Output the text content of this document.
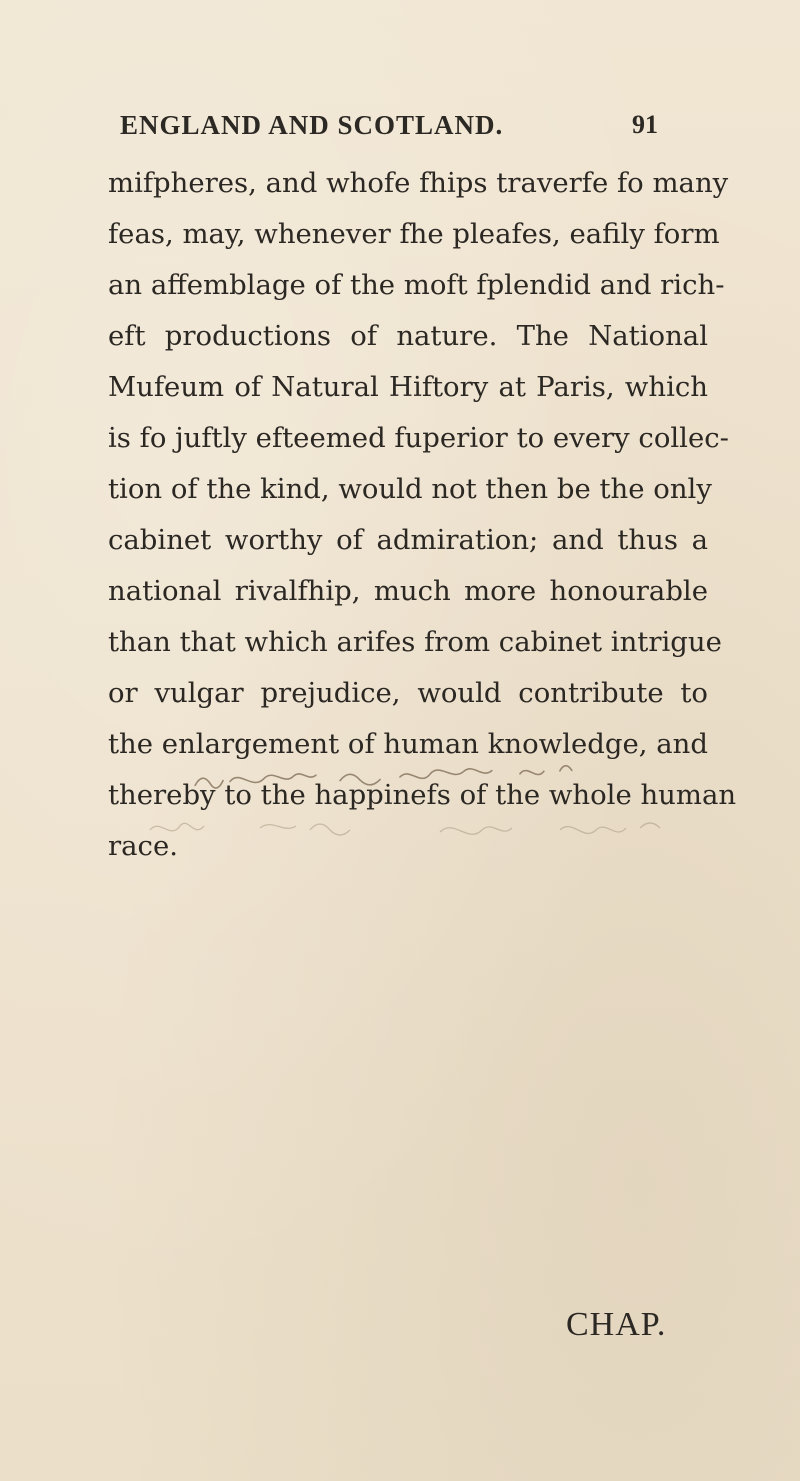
ENGLAND AND SCOTLAND.	91
mifpheres, and whofe fhips traverfe fo many
feas, may, whenever fhe pleafes, eafily form
an affemblage of the moft fplendid and rich-
eft productions of nature. The National
Mufeum of Natural Hiftory at Paris, which
is fo juftly efteemed fuperior to every collec-
tion of the kind, would not then be the only
cabinet worthy of admiration; and thus a
national rivalfhip, much more honourable
than that which arifes from cabinet intrigue
or vulgar prejudice, would contribute to
the enlargement of human knowledge, and
thereby to the happinefs of the whole human
race.
CHAP.
